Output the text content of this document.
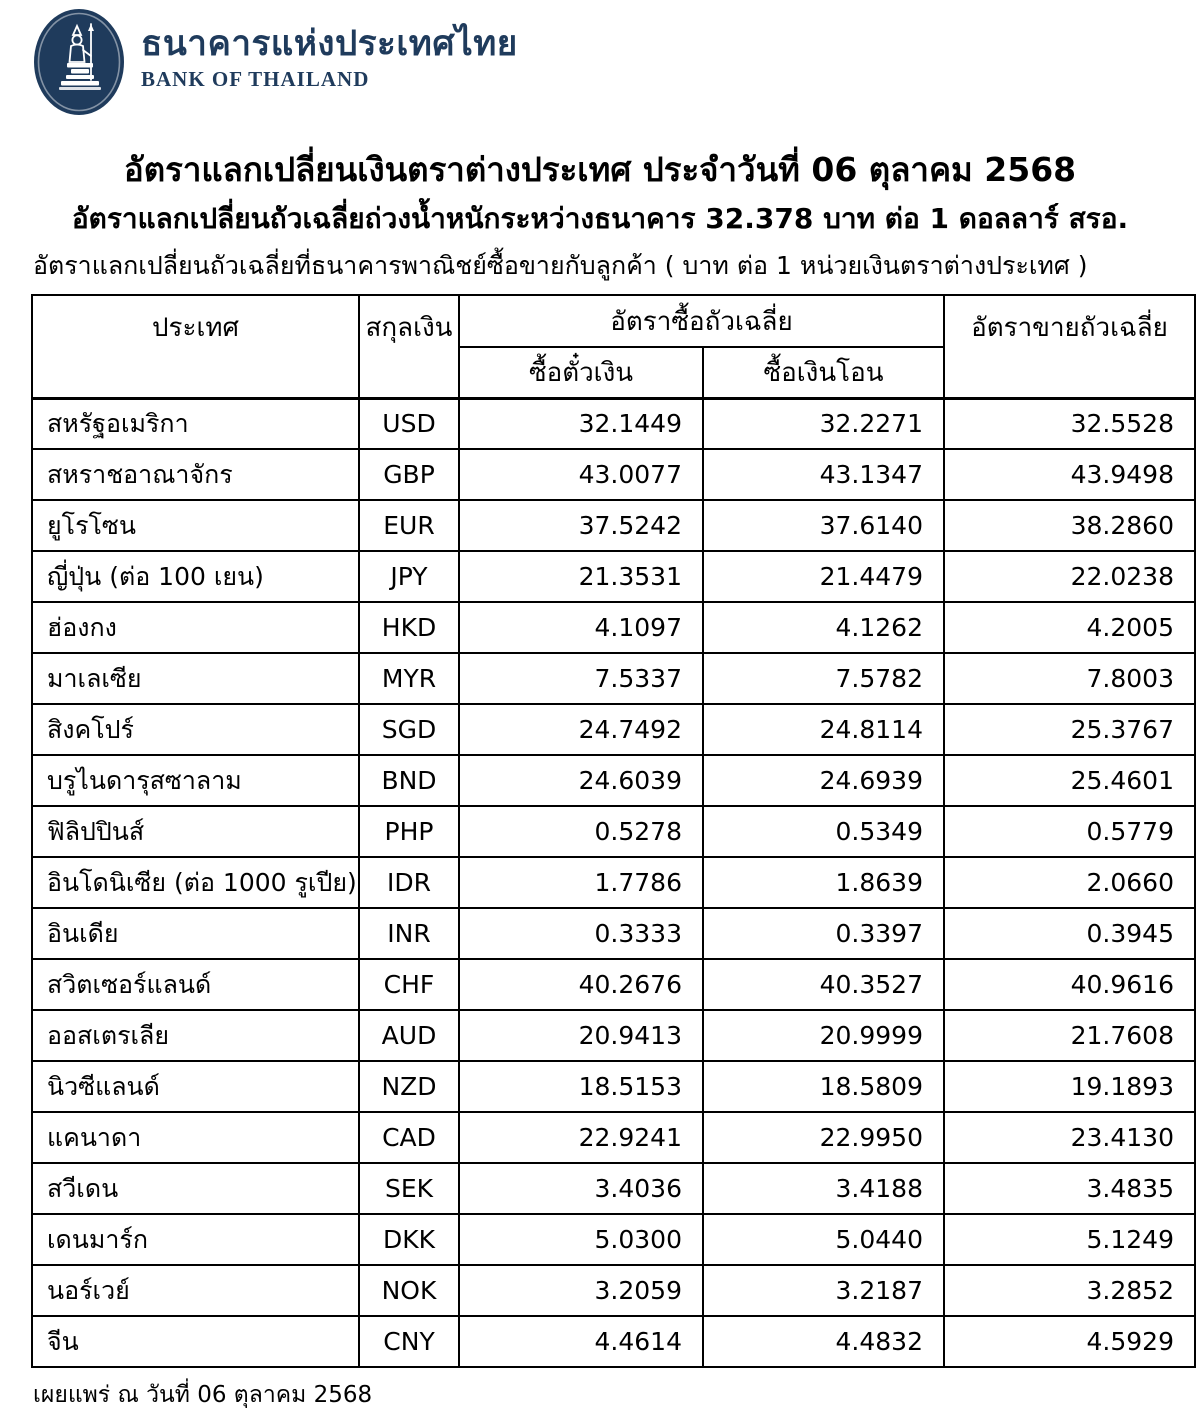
ธนาคารแห่งประเทศไทย
BANK OF THAILAND
อัตราแลกเปลี่ยนเงินตราต่างประเทศ ประจำวันที่ 06 ตุลาคม 2568
อัตราแลกเปลี่ยนถัวเฉลี่ยถ่วงน้ำหนักระหว่างธนาคาร 32.378 บาท ต่อ 1 ดอลลาร์ สรอ.
อัตราแลกเปลี่ยนถัวเฉลี่ยที่ธนาคารพาณิชย์ซื้อขายกับลูกค้า ( บาท ต่อ 1 หน่วยเงินตราต่างประเทศ )
ประเทศ	สกุลเงิน	อัตราซื้อถัวเฉลี่ย		อัตราขายถัวเฉลี่ย
		ซื้อตั๋วเงิน	ซื้อเงินโอน	
สหรัฐอเมริกา	USD	32.1449	32.2271	32.5528
สหราชอาณาจักร	GBP	43.0077	43.1347	43.9498
ยูโรโซน	EUR	37.5242	37.6140	38.2860
ญี่ปุ่น (ต่อ 100 เยน)	JPY	21.3531	21.4479	22.0238
ฮ่องกง	HKD	4.1097	4.1262	4.2005
มาเลเซีย	MYR	7.5337	7.5782	7.8003
สิงคโปร์	SGD	24.7492	24.8114	25.3767
บรูไนดารุสซาลาม	BND	24.6039	24.6939	25.4601
ฟิลิปปินส์	PHP	0.5278	0.5349	0.5779
อินโดนิเซีย (ต่อ 1000 รูเปีย)	IDR	1.7786	1.8639	2.0660
อินเดีย	INR	0.3333	0.3397	0.3945
สวิตเซอร์แลนด์	CHF	40.2676	40.3527	40.9616
ออสเตรเลีย	AUD	20.9413	20.9999	21.7608
นิวซีแลนด์	NZD	18.5153	18.5809	19.1893
แคนาดา	CAD	22.9241	22.9950	23.4130
สวีเดน	SEK	3.4036	3.4188	3.4835
เดนมาร์ก	DKK	5.0300	5.0440	5.1249
นอร์เวย์	NOK	3.2059	3.2187	3.2852
จีน	CNY	4.4614	4.4832	4.5929
เผยแพร่ ณ วันที่ 06 ตุลาคม 2568
